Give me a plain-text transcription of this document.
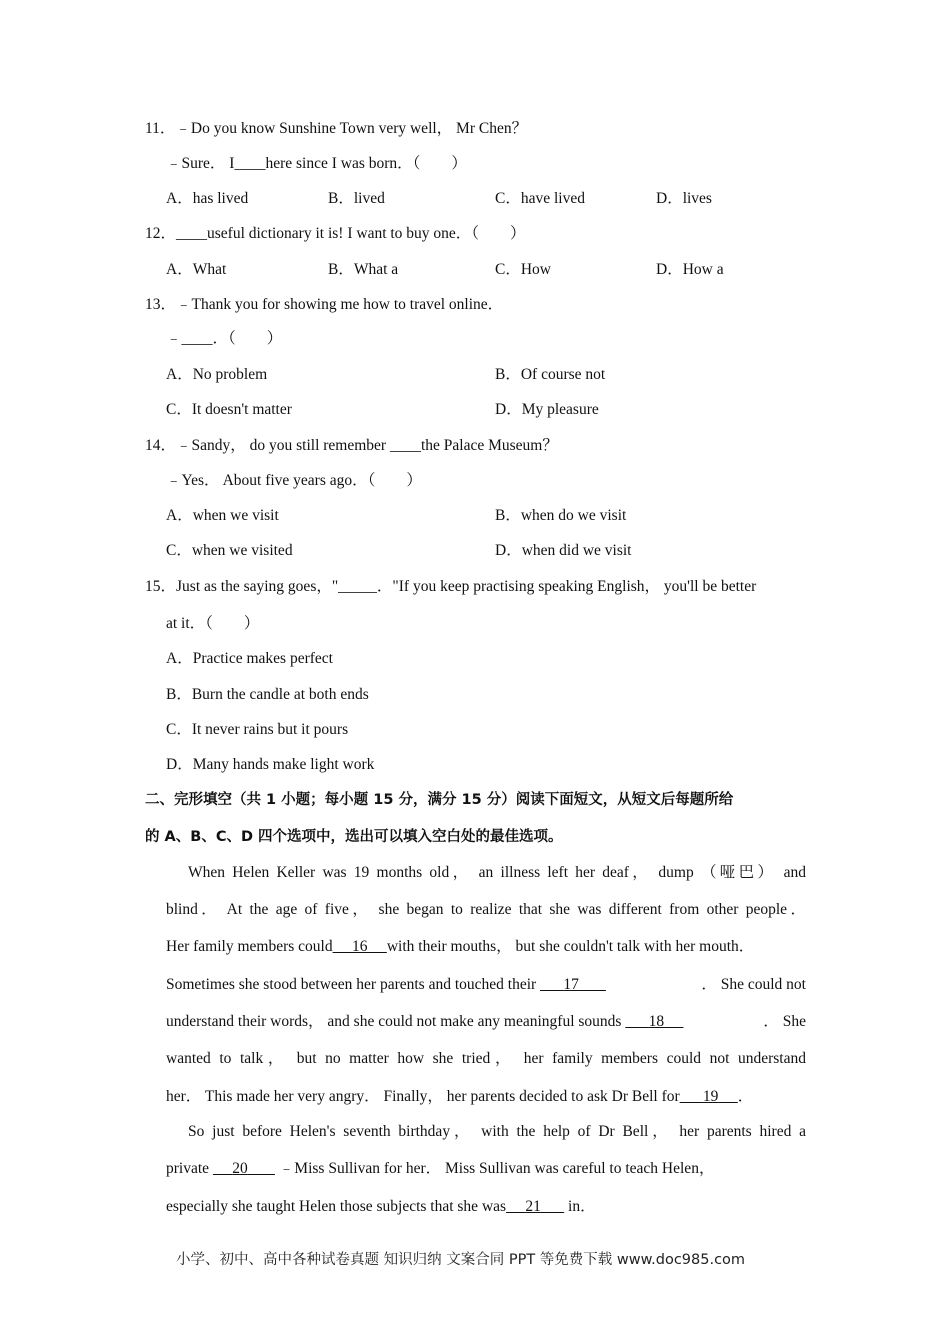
11．﹣Do you know Sunshine Town very well， Mr Chen？
﹣Sure． I____here since I was born．（　　）
A．has lived	B．lived	C．have lived	D．lives
12．____useful dictionary it is! I want to buy one．（　　）
A．What	B．What a	C．How	D．How a
13．﹣Thank you for showing me how to travel online．
﹣____．（　　）
A．No problem	B．Of course not
C．It doesn't matter	D．My pleasure
14．﹣Sandy， do you still remember ____the Palace Museum？
﹣Yes． About five years ago．（　　）
A．when we visit	B．when do we visit
C．when we visited	D．when did we visit
15．Just as the saying goes，"_____．"If you keep practising speaking English， you'll be better
at it．（　　）
A．Practice makes perfect
B．Burn the candle at both ends
C．It never rains but it pours
D．Many hands make light work
二、完形填空（共 1 小题；每小题 15 分，满分 15 分）阅读下面短文，从短文后每题所给
的 A、B、C、D 四个选项中，选出可以填入空白处的最佳选项。
When Helen Keller was 19 months old， an illness left her deaf， dump （哑巴） and
blind． At the age of five， she began to realize that she was different from other people．
Her family members could 16 with their mouths， but she couldn't talk with her mouth．
Sometimes she stood between her parents and touched their 17	． She could not
understand their words， and she could not make any meaningful sounds 18	． She
wanted to talk， but no matter how she tried， her family members could not understand
her． This made her very angry． Finally， her parents decided to ask Dr Bell for 19 ．
So just before Helen's seventh birthday， with the help of Dr Bell， her parents hired a
private 20 ﹣Miss Sullivan for her． Miss Sullivan was careful to teach Helen，
especially she taught Helen those subjects that she was 21 in．
小学、初中、高中各种试卷真题 知识归纳 文案合同 PPT 等免费下载 www.doc985.com
